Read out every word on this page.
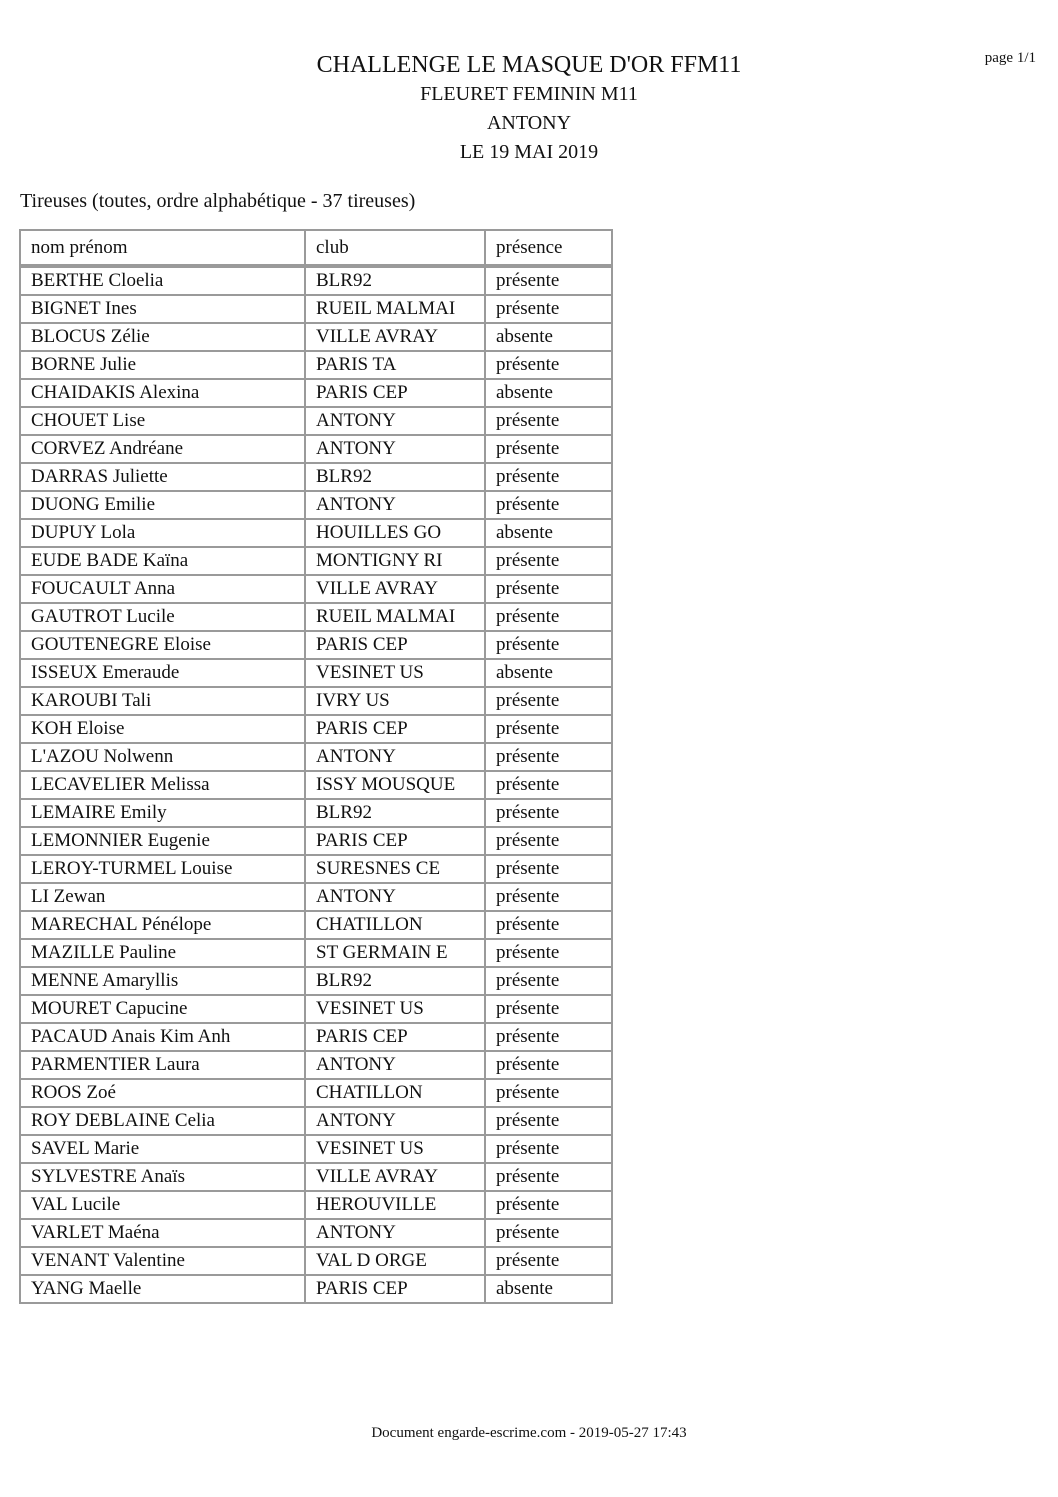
page 1/1
CHALLENGE LE MASQUE D'OR FFM11
FLEURET FEMININ M11
ANTONY
LE 19 MAI 2019
Tireuses (toutes, ordre alphabétique - 37 tireuses)
nom prénom	club	présence
BERTHE Cloelia	BLR92	présente
BIGNET Ines	RUEIL MALMAI	présente
BLOCUS Zélie	VILLE AVRAY	absente
BORNE Julie	PARIS TA	présente
CHAIDAKIS Alexina	PARIS CEP	absente
CHOUET Lise	ANTONY	présente
CORVEZ Andréane	ANTONY	présente
DARRAS Juliette	BLR92	présente
DUONG Emilie	ANTONY	présente
DUPUY Lola	HOUILLES GO	absente
EUDE BADE Kaïna	MONTIGNY RI	présente
FOUCAULT Anna	VILLE AVRAY	présente
GAUTROT Lucile	RUEIL MALMAI	présente
GOUTENEGRE Eloise	PARIS CEP	présente
ISSEUX Emeraude	VESINET US	absente
KAROUBI Tali	IVRY US	présente
KOH Eloise	PARIS CEP	présente
L'AZOU Nolwenn	ANTONY	présente
LECAVELIER Melissa	ISSY MOUSQUE	présente
LEMAIRE Emily	BLR92	présente
LEMONNIER Eugenie	PARIS CEP	présente
LEROY-TURMEL Louise	SURESNES CE	présente
LI Zewan	ANTONY	présente
MARECHAL Pénélope	CHATILLON	présente
MAZILLE Pauline	ST GERMAIN E	présente
MENNE Amaryllis	BLR92	présente
MOURET Capucine	VESINET US	présente
PACAUD Anais Kim Anh	PARIS CEP	présente
PARMENTIER Laura	ANTONY	présente
ROOS Zoé	CHATILLON	présente
ROY DEBLAINE Celia	ANTONY	présente
SAVEL Marie	VESINET US	présente
SYLVESTRE Anaïs	VILLE AVRAY	présente
VAL Lucile	HEROUVILLE	présente
VARLET Maéna	ANTONY	présente
VENANT Valentine	VAL D ORGE	présente
YANG Maelle	PARIS CEP	absente
Document engarde-escrime.com - 2019-05-27 17:43
